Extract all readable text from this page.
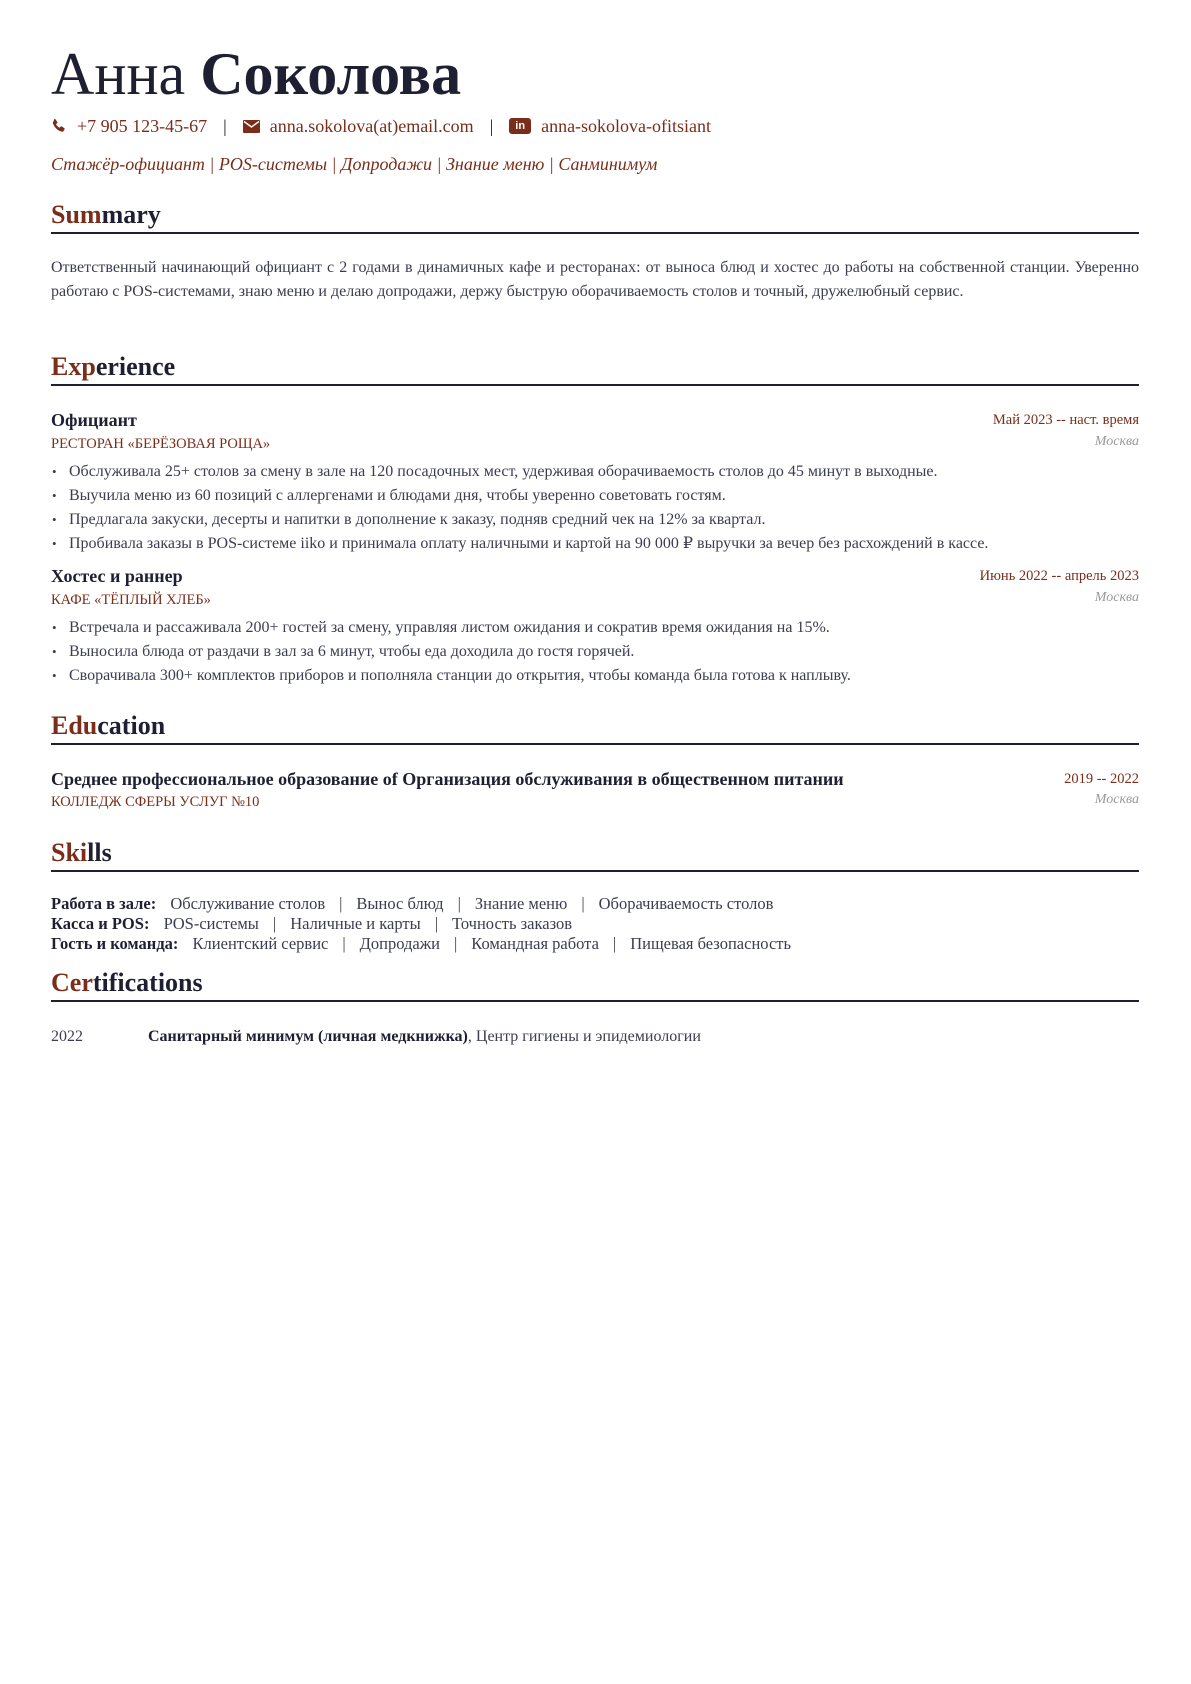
Анна Соколова
+7 905 123-45-67 | anna.sokolova(at)email.com |	in anna-sokolova-ofitsiant
Стажёр-официант | POS-системы | Допродажи | Знание меню | Санминимум
Summary
Ответственный начинающий официант с 2 годами в динамичных кафе и ресторанах: от выноса блюд и хостес до работы на собственной станции. Уверенно работаю с POS-системами, знаю меню и делаю допродажи, держу быструю оборачиваемость столов и точный, дружелюбный сервис.
Experience
Официант	Май 2023 -- наст. время
РЕСТОРАН «БЕРЁЗОВАЯ РОЩА»	Москва
• Обслуживала 25+ столов за смену в зале на 120 посадочных мест, удерживая оборачиваемость столов до 45 минут в выходные.
• Выучила меню из 60 позиций с аллергенами и блюдами дня, чтобы уверенно советовать гостям.
• Предлагала закуски, десерты и напитки в дополнение к заказу, подняв средний чек на 12% за квартал.
• Пробивала заказы в POS-системе iiko и принимала оплату наличными и картой на 90 000 ₽ выручки за вечер без расхождений в кассе.
Хостес и раннер	Июнь 2022 -- апрель 2023
КАФЕ «ТЁПЛЫЙ ХЛЕБ»	Москва
• Встречала и рассаживала 200+ гостей за смену, управляя листом ожидания и сократив время ожидания на 15%.
• Выносила блюда от раздачи в зал за 6 минут, чтобы еда доходила до гостя горячей.
• Сворачивала 300+ комплектов приборов и пополняла станции до открытия, чтобы команда была готова к наплыву.
Education
Среднее профессиональное образование of Организация обслуживания в общественном питании	2019 -- 2022
КОЛЛЕДЖ СФЕРЫ УСЛУГ №10	Москва
Skills
Работа в зале: Обслуживание столов | Вынос блюд | Знание меню | Оборачиваемость столов
Касса и POS: POS-системы | Наличные и карты | Точность заказов
Гость и команда: Клиентский сервис | Допродажи | Командная работа | Пищевая безопасность
Certifications
2022	Санитарный минимум (личная медкнижка), Центр гигиены и эпидемиологии
